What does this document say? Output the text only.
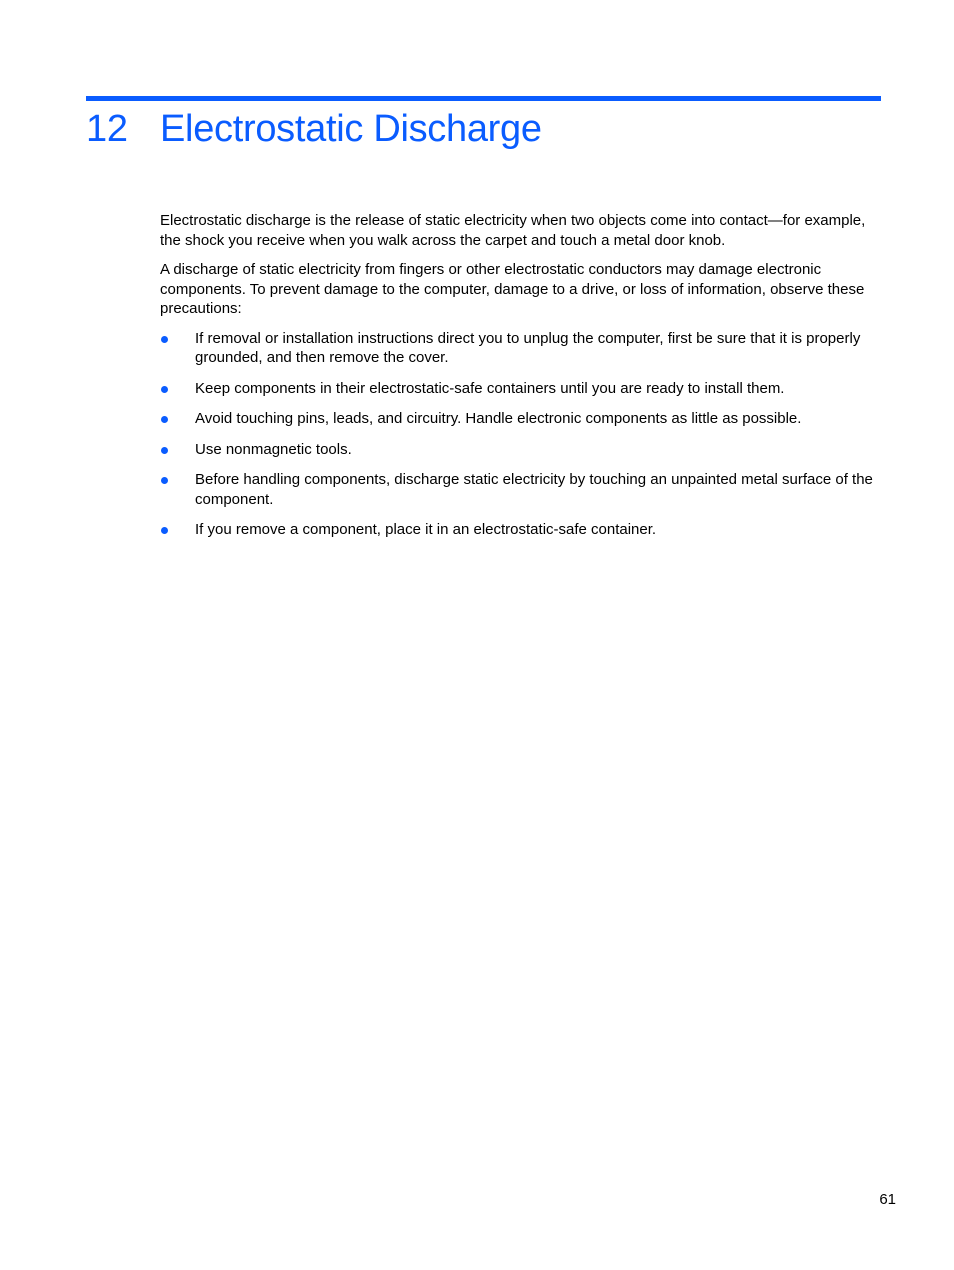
12 Electrostatic Discharge

Electrostatic discharge is the release of static electricity when two objects come into contact—for example, the shock you receive when you walk across the carpet and touch a metal door knob.

A discharge of static electricity from fingers or other electrostatic conductors may damage electronic components. To prevent damage to the computer, damage to a drive, or loss of information, observe these precautions:

If removal or installation instructions direct you to unplug the computer, first be sure that it is properly grounded, and then remove the cover.
Keep components in their electrostatic-safe containers until you are ready to install them.
Avoid touching pins, leads, and circuitry. Handle electronic components as little as possible.
Use nonmagnetic tools.
Before handling components, discharge static electricity by touching an unpainted metal surface of the component.
If you remove a component, place it in an electrostatic-safe container.
61
